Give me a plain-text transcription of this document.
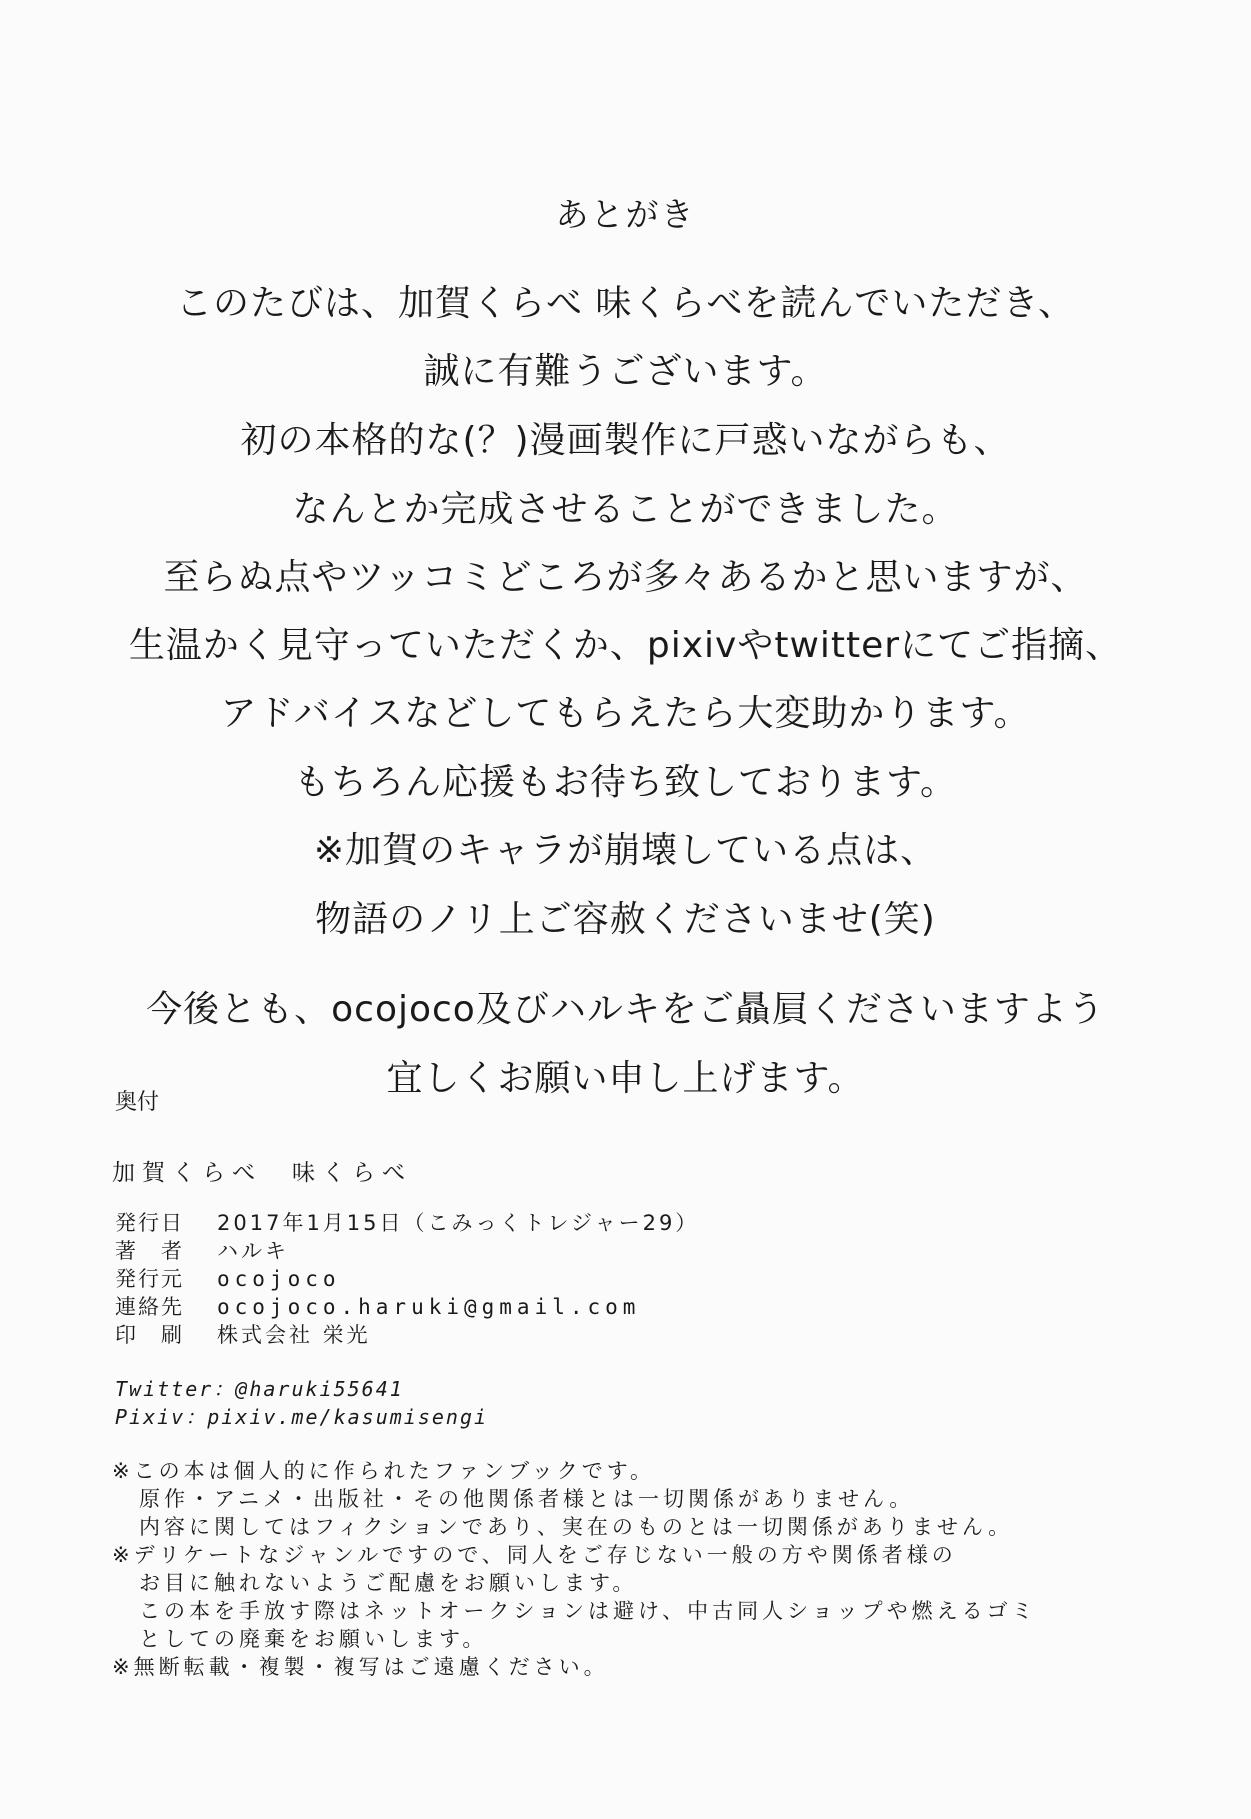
あとがき
このたびは、加賀くらべ 味くらべを読んでいただき、
誠に有難うございます。
初の本格的な(？)漫画製作に戸惑いながらも、
なんとか完成させることができました。
至らぬ点やツッコミどころが多々あるかと思いますが、
生温かく見守っていただくか、pixivやtwitterにてご指摘、
アドバイスなどしてもらえたら大変助かります。
もちろん応援もお待ち致しております。
※加賀のキャラが崩壊している点は、
物語のノリ上ご容赦くださいませ(笑)
今後とも、ocojoco及びハルキをご贔屓くださいますよう
宜しくお願い申し上げます。
奥付
加賀くらべ　味くらべ
発行日 2017年1月15日（こみっくトレジャー29）
著　者 ハルキ
発行元 ocojoco
連絡先 ocojoco.haruki@gmail.com
印　刷 株式会社 栄光
Twitter：@haruki55641
Pixiv：pixiv.me/kasumisengi
※この本は個人的に作られたファンブックです。
原作・アニメ・出版社・その他関係者様とは一切関係がありません。
内容に関してはフィクションであり、実在のものとは一切関係がありません。
※デリケートなジャンルですので、同人をご存じない一般の方や関係者様の
お目に触れないようご配慮をお願いします。
この本を手放す際はネットオークションは避け、中古同人ショップや燃えるゴミ
としての廃棄をお願いします。
※無断転載・複製・複写はご遠慮ください。
